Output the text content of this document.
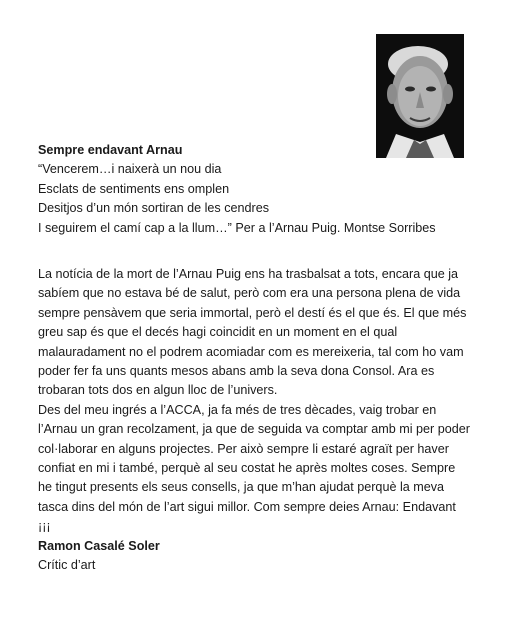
Sempre endavant Arnau
“Vencerem…i naixerà un nou dia
Esclats de sentiments ens omplen
Desitjos d’un món sortiran de les cendres
I seguirem el camí cap a la llum…” Per a l’Arnau Puig. Montse Sorribes
La notícia de la mort de l’Arnau Puig ens ha trasbalsat a tots, encara que ja
sabíem que no estava bé de salut, però com era una persona plena de vida
sempre pensàvem que seria immortal, però el destí és el que és. El que més
greu sap és que el decés hagi coincidit en un moment en el qual
malauradament no el podrem acomiadar com es mereixeria, tal com ho vam
poder fer fa uns quants mesos abans amb la seva dona Consol. Ara es
trobaran tots dos en algun lloc de l’univers.
Des del meu ingrés a l’ACCA, ja fa més de tres dècades, vaig trobar en
l’Arnau un gran recolzament, ja que de seguida va comptar amb mi per poder
col·laborar en alguns projectes. Per això sempre li estaré agraït per haver
confiat en mi i també, perquè al seu costat he après moltes coses. Sempre
he tingut presents els seus consells, ja que m’han ajudat perquè la meva
tasca dins del món de l’art sigui millor. Com sempre deies Arnau: Endavant
¡¡¡
Ramon Casalé Soler
Crític d’art
